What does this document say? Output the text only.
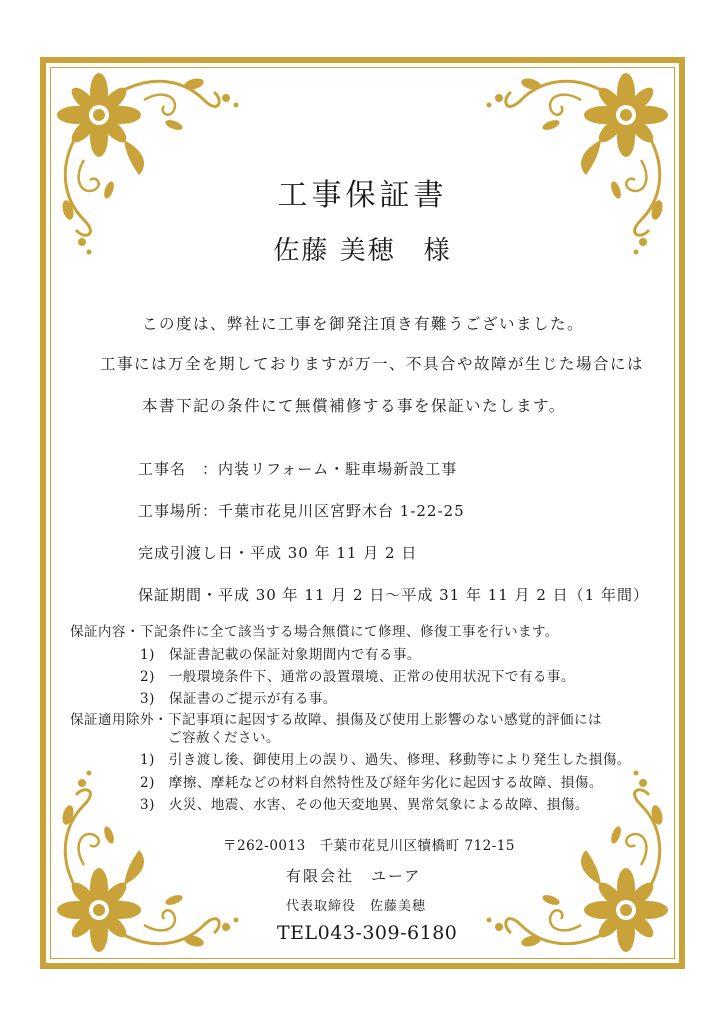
工事保証書
佐藤 美穂　様
この度は、弊社に工事を御発注頂き有難うございました。
工事には万全を期しておりますが万一、不具合や故障が生じた場合には
本書下記の条件にて無償補修する事を保証いたします。
工事名　：内装リフォーム・駐車場新設工事
工事場所：千葉市花見川区宮野木台 1-22-25
完成引渡し日・平成 30 年 11 月 2 日
保証期間・平成 30 年 11 月 2 日～平成 31 年 11 月 2 日（1 年間）
保証内容・下記条件に全て該当する場合無償にて修理、修復工事を行います。
1)　保証書記載の保証対象期間内で有る事。
2)　一般環境条件下、通常の設置環境、正常の使用状況下で有る事。
3)　保証書のご提示が有る事。
保証適用除外・下記事項に起因する故障、損傷及び使用上影響のない感覚的評価には
ご容赦ください。
1)　引き渡し後、御使用上の誤り、過失、修理、移動等により発生した損傷。
2)　摩擦、摩耗などの材料自然特性及び経年劣化に起因する故障、損傷。
3)　火災、地震、水害、その他天変地異、異常気象による故障、損傷。
〒262-0013　千葉市花見川区犢橋町 712-15
有限会社　ユーア
代表取締役　佐藤美穂
TEL043-309-6180
